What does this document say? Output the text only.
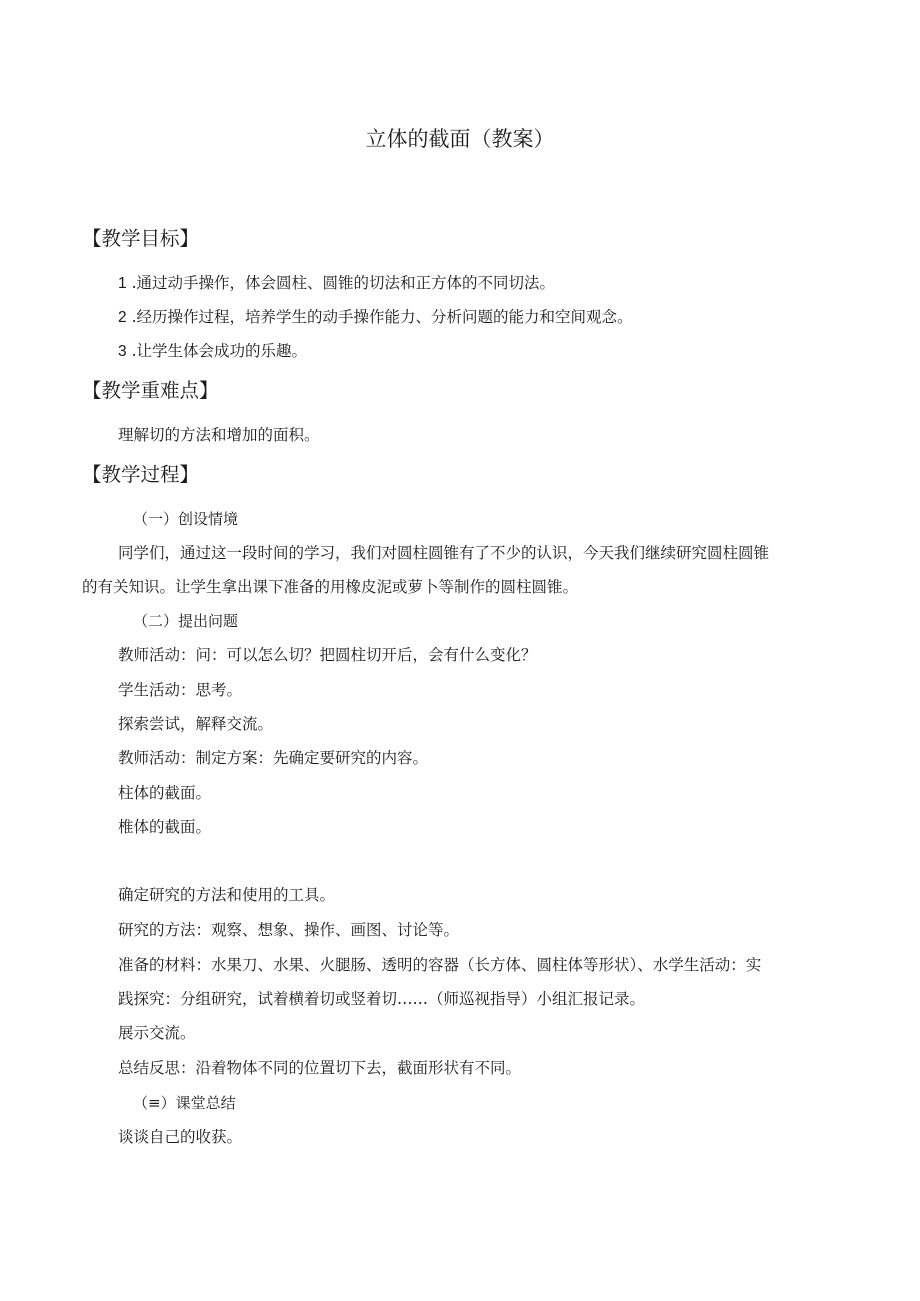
立体的截面（教案）
【教学目标】
1 .通过动手操作，体会圆柱、圆锥的切法和正方体的不同切法。
2 .经历操作过程，培养学生的动手操作能力、分析问题的能力和空间观念。
3 .让学生体会成功的乐趣。
【教学重难点】
理解切的方法和增加的面积。
【教学过程】
（一）创设情境
同学们，通过这一段时间的学习，我们对圆柱圆锥有了不少的认识，今天我们继续研究圆柱圆锥
的有关知识。让学生拿出课下准备的用橡皮泥或萝卜等制作的圆柱圆锥。
（二）提出问题
教师活动：问：可以怎么切？把圆柱切开后，会有什么变化？
学生活动：思考。
探索尝试，解释交流。
教师活动：制定方案：先确定要研究的内容。
柱体的截面。
椎体的截面。
确定研究的方法和使用的工具。
研究的方法：观察、想象、操作、画图、讨论等。
准备的材料：水果刀、水果、火腿肠、透明的容器（长方体、圆柱体等形状）、水学生活动：实
践探究：分组研究，试着横着切或竖着切……（师巡视指导）小组汇报记录。
展示交流。
总结反思：沿着物体不同的位置切下去，截面形状有不同。
（≡）课堂总结
谈谈自己的收获。
